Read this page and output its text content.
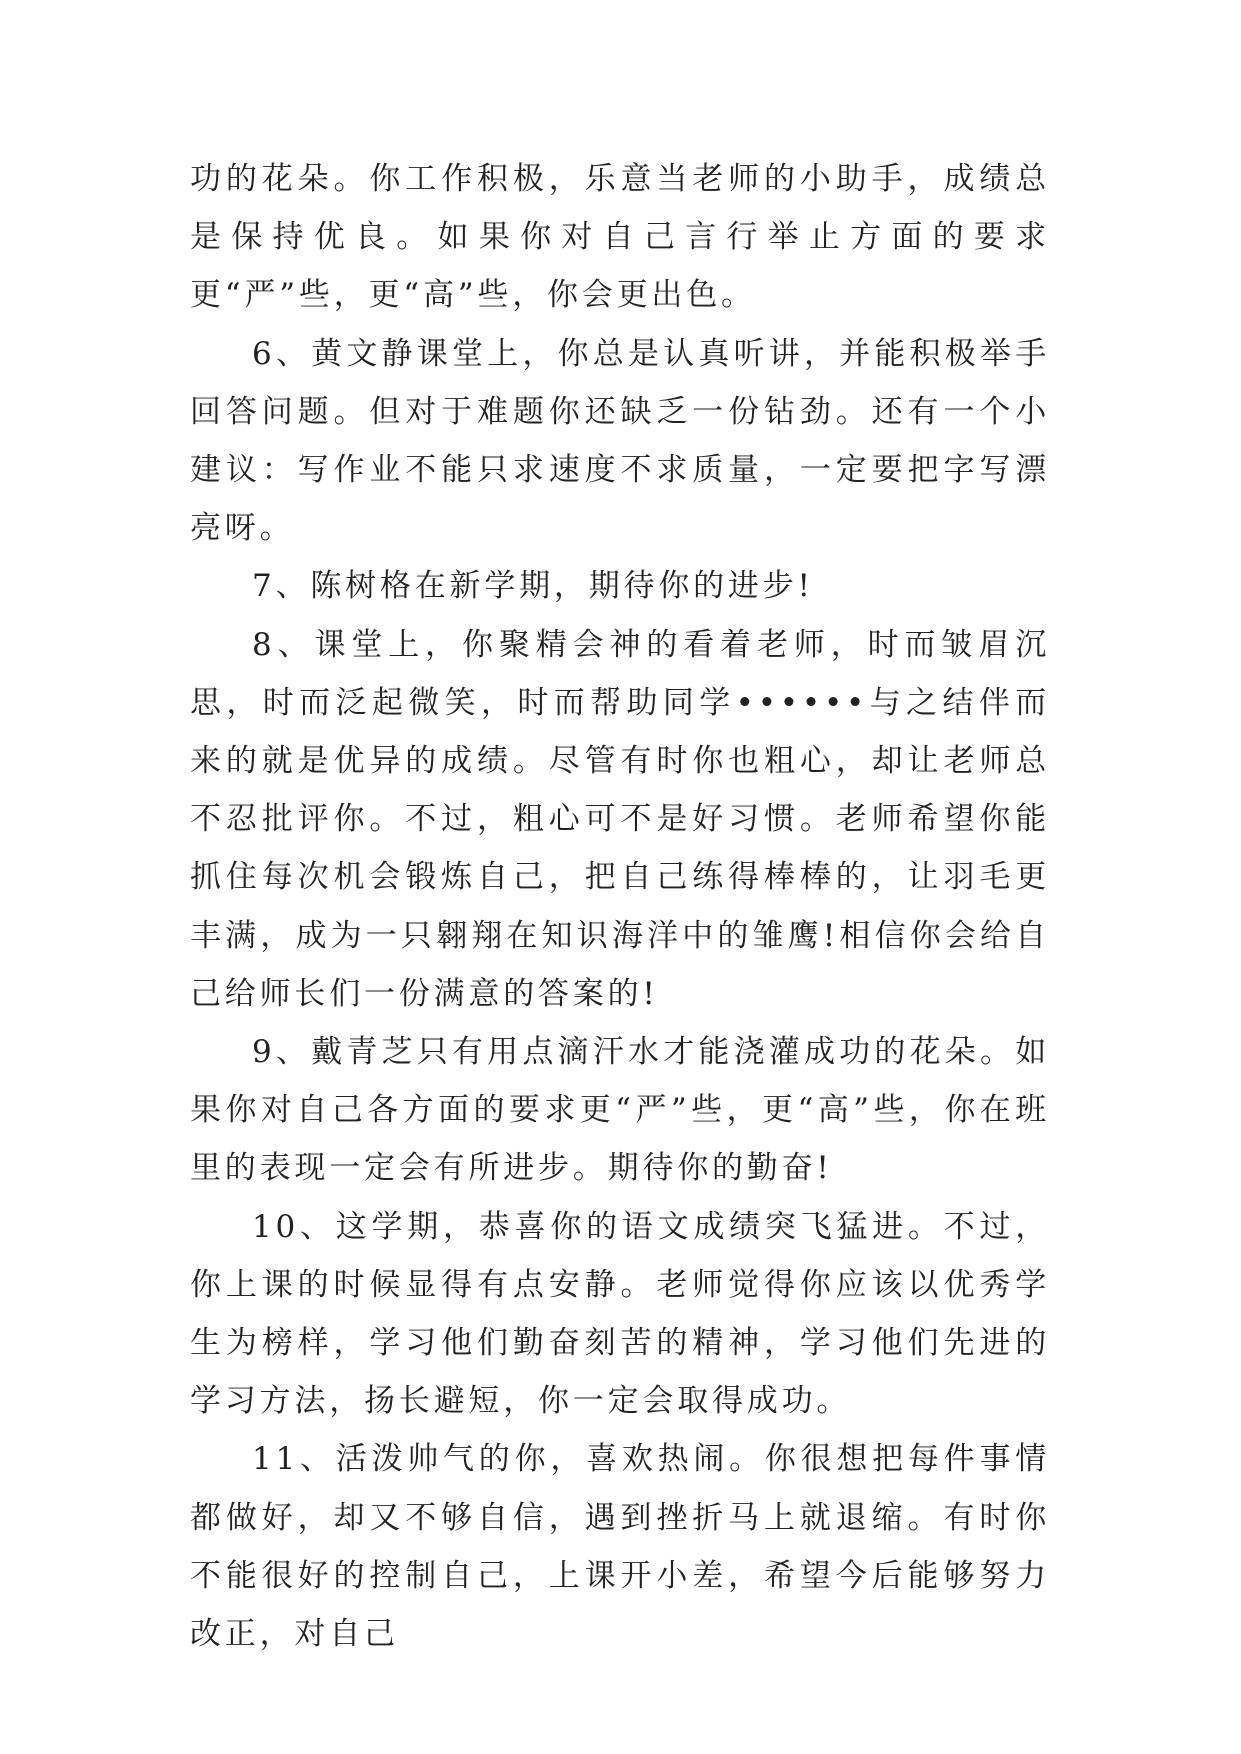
功的花朵。你工作积极，乐意当老师的小助手，成绩总是保持优良。如果你对自己言行举止方面的要求更“严”些，更“高”些，你会更出色。

6、黄文静课堂上，你总是认真听讲，并能积极举手回答问题。但对于难题你还缺乏一份钻劲。还有一个小建议：写作业不能只求速度不求质量，一定要把字写漂亮呀。

7、陈树格在新学期，期待你的进步!

8、课堂上，你聚精会神的看着老师，时而皱眉沉思，时而泛起微笑，时而帮助同学••••••与之结伴而来的就是优异的成绩。尽管有时你也粗心，却让老师总不忍批评你。不过，粗心可不是好习惯。老师希望你能抓住每次机会锻炼自己，把自己练得棒棒的，让羽毛更丰满，成为一只翱翔在知识海洋中的雏鹰!相信你会给自己给师长们一份满意的答案的!

9、戴青芝只有用点滴汗水才能浇灌成功的花朵。如果你对自己各方面的要求更“严”些，更“高”些，你在班里的表现一定会有所进步。期待你的勤奋!

10、这学期，恭喜你的语文成绩突飞猛进。不过，你上课的时候显得有点安静。老师觉得你应该以优秀学生为榜样，学习他们勤奋刻苦的精神，学习他们先进的学习方法，扬长避短，你一定会取得成功。

11、活泼帅气的你，喜欢热闹。你很想把每件事情都做好，却又不够自信，遇到挫折马上就退缩。有时你不能很好的控制自己，上课开小差，希望今后能够努力改正，对自己
